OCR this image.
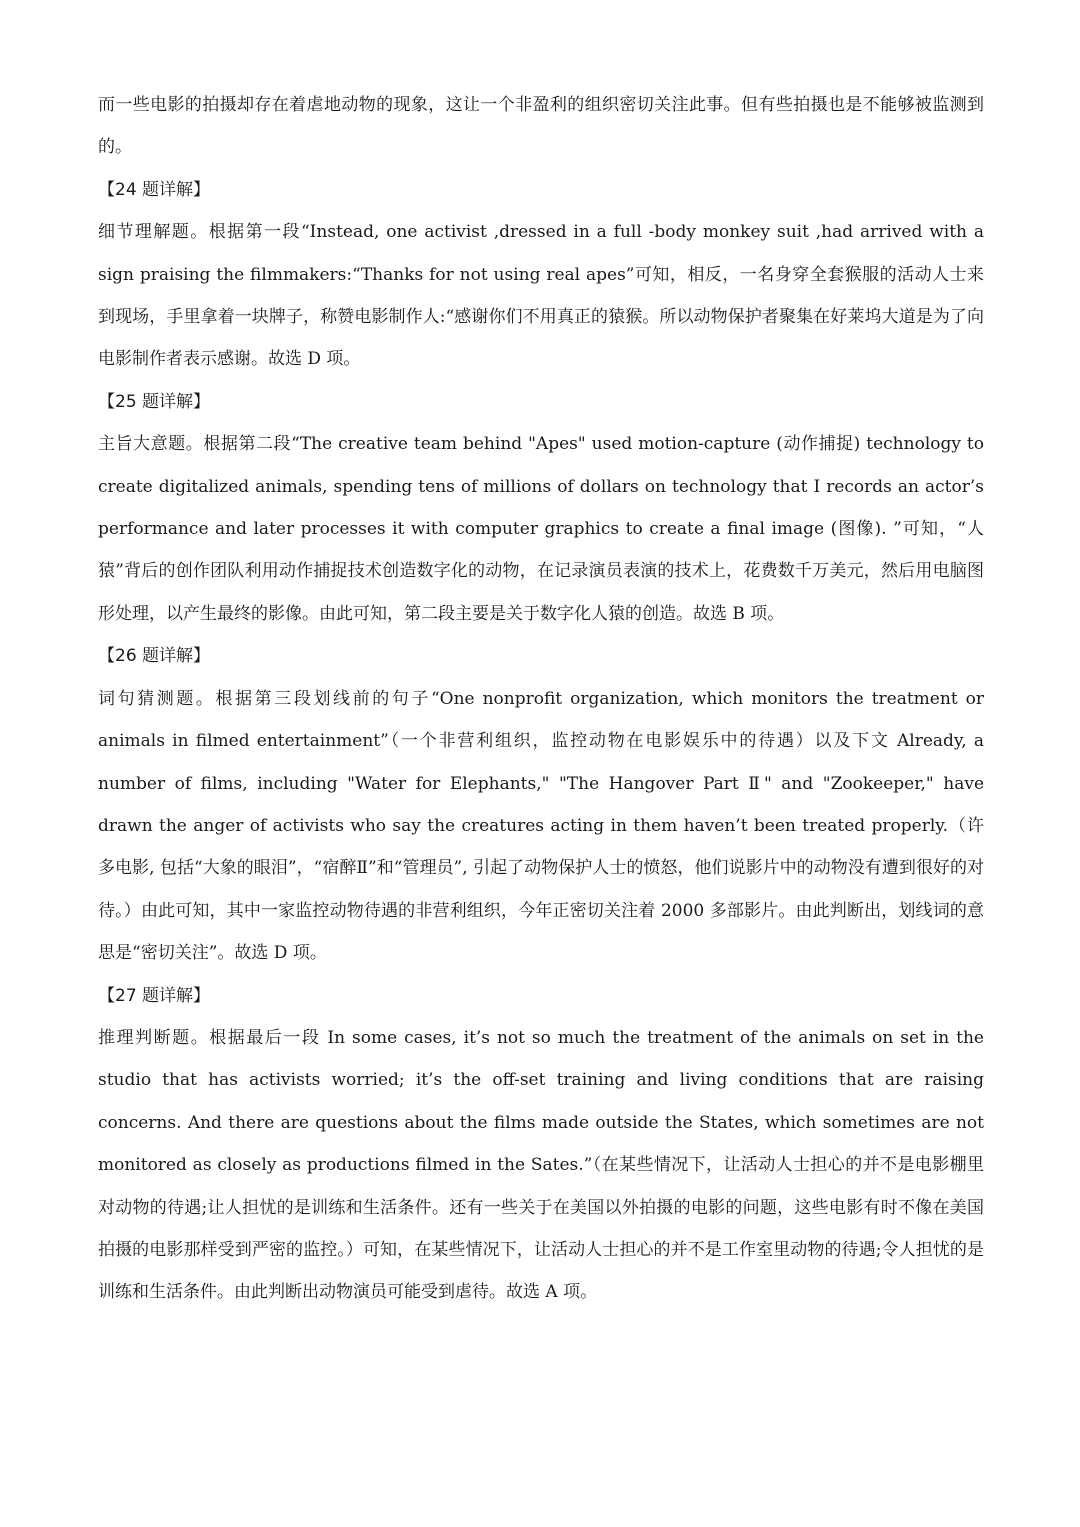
而一些电影的拍摄却存在着虐地动物的现象，这让一个非盈利的组织密切关注此事。但有些拍摄也是不能够被监测到的。

【24 题详解】

细节理解题。根据第一段“Instead, one activist ,dressed in a full -body monkey suit ,had arrived with a sign praising the filmmakers:“Thanks for not using real apes”可知，相反，一名身穿全套猴服的活动人士来到现场，手里拿着一块牌子，称赞电影制作人:“感谢你们不用真正的猿猴。所以动物保护者聚集在好莱坞大道是为了向电影制作者表示感谢。故选 D 项。

【25 题详解】

主旨大意题。根据第二段“The creative team behind "Apes" used motion-capture (动作捕捉) technology to create digitalized animals, spending tens of millions of dollars on technology that I records an actor’s performance and later processes it with computer graphics to create a final image (图像). ”可知，“人猿”背后的创作团队利用动作捕捉技术创造数字化的动物，在记录演员表演的技术上，花费数千万美元，然后用电脑图形处理，以产生最终的影像。由此可知，第二段主要是关于数字化人猿的创造。故选 B 项。

【26 题详解】

词句猜测题。根据第三段划线前的句子“One nonprofit organization, which monitors the treatment or animals in filmed entertainment”（一个非营利组织，监控动物在电影娱乐中的待遇）以及下文 Already, a number of films, including "Water for Elephants," "The Hangover Part Ⅱ" and "Zookeeper," have drawn the anger of activists who say the creatures acting in them haven’t been treated properly.（许多电影, 包括“大象的眼泪”，“宿醉Ⅱ”和“管理员”, 引起了动物保护人士的愤怒，他们说影片中的动物没有遭到很好的对待。）由此可知，其中一家监控动物待遇的非营利组织，今年正密切关注着 2000 多部影片。由此判断出，划线词的意思是“密切关注”。故选 D 项。

【27 题详解】

推理判断题。根据最后一段 In some cases, it’s not so much the treatment of the animals on set in the studio that has activists worried; it’s the off-set training and living conditions that are raising concerns. And there are questions about the films made outside the States, which sometimes are not monitored as closely as productions filmed in the Sates.”（在某些情况下，让活动人士担心的并不是电影棚里对动物的待遇;让人担忧的是训练和生活条件。还有一些关于在美国以外拍摄的电影的问题，这些电影有时不像在美国拍摄的电影那样受到严密的监控。）可知，在某些情况下，让活动人士担心的并不是工作室里动物的待遇;令人担忧的是训练和生活条件。由此判断出动物演员可能受到虐待。故选 A 项。
